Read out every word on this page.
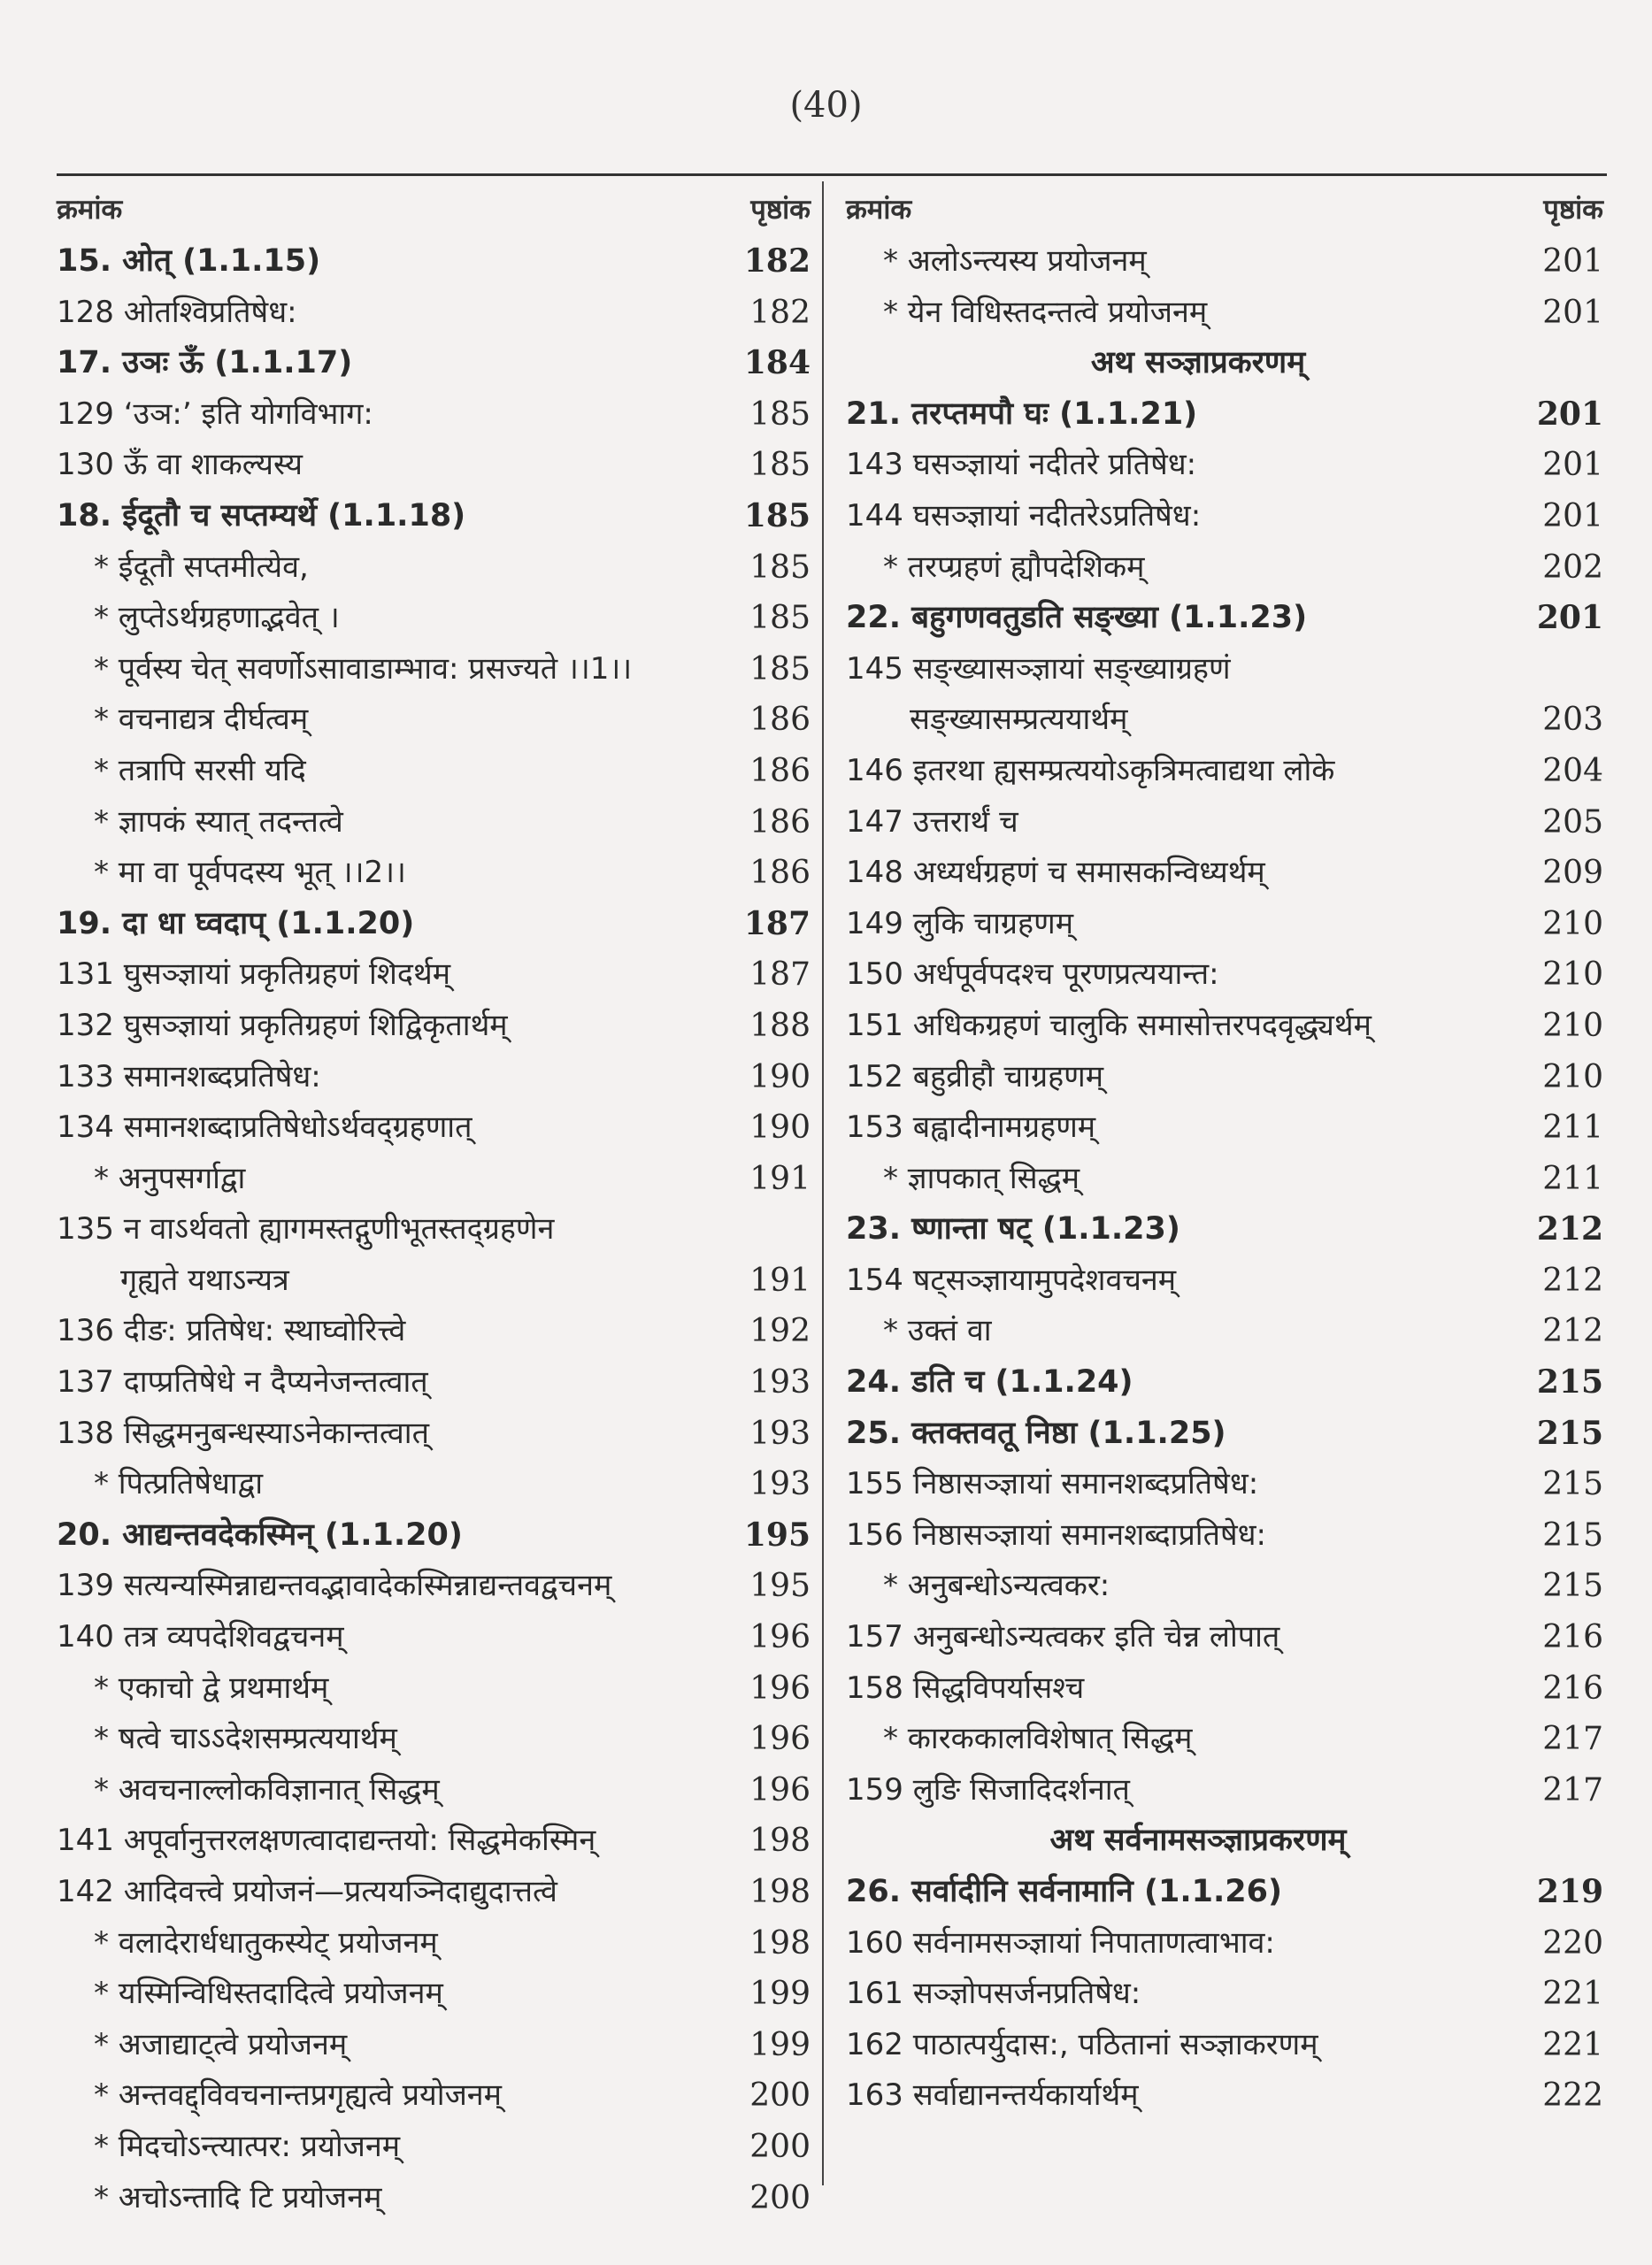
(40)
क्रमांक	पृष्ठांक
15. ओत् (1.1.15)	182
128 ओतश्विप्रतिषेध:	182
17. उञः ऊँ (1.1.17)	184
129 ‘उञ:’ इति योगविभाग:	185
130 ऊँ वा शाकल्यस्य	185
18. ईदूतौ च सप्तम्यर्थे (1.1.18)	185
* ईदूतौ सप्तमीत्येव,	185
* लुप्तेऽर्थग्रहणाद्भवेत् ।	185
* पूर्वस्य चेत् सवर्णोऽसावाडाम्भाव: प्रसज्यते ।।1।।	185
* वचनाद्यत्र दीर्घत्वम्	186
* तत्रापि सरसी यदि	186
* ज्ञापकं स्यात् तदन्तत्वे	186
* मा वा पूर्वपदस्य भूत् ।।2।।	186
19. दा धा घ्वदाप् (1.1.20)	187
131 घुसञ्ज्ञायां प्रकृतिग्रहणं शिदर्थम्	187
132 घुसञ्ज्ञायां प्रकृतिग्रहणं शिद्विकृतार्थम्	188
133 समानशब्दप्रतिषेध:	190
134 समानशब्दाप्रतिषेधोऽर्थवद्ग्रहणात्	190
* अनुपसर्गाद्वा	191
135 न वाऽर्थवतो ह्यागमस्तद्गुणीभूतस्तद्ग्रहणेन
गृह्यते यथाऽन्यत्र	191
136 दीङ: प्रतिषेध: स्थाघ्वोरित्त्वे	192
137 दाप्प्रतिषेधे न दैप्यनेजन्तत्वात्	193
138 सिद्धमनुबन्धस्याऽनेकान्तत्वात्	193
* पित्प्रतिषेधाद्वा	193
20. आद्यन्तवदेकस्मिन् (1.1.20)	195
139 सत्यन्यस्मिन्नाद्यन्तवद्भावादेकस्मिन्नाद्यन्तवद्वचनम्	195
140 तत्र व्यपदेशिवद्वचनम्	196
* एकाचो द्वे प्रथमार्थम्	196
* षत्वे चाऽऽदेशसम्प्रत्ययार्थम्	196
* अवचनाल्लोकविज्ञानात् सिद्धम्	196
141 अपूर्वानुत्तरलक्षणत्वादाद्यन्तयो: सिद्धमेकस्मिन्	198
142 आदिवत्त्वे प्रयोजनं—प्रत्ययञ्निदाद्युदात्तत्वे	198
* वलादेरार्धधातुकस्येट् प्रयोजनम्	198
* यस्मिन्विधिस्तदादित्वे प्रयोजनम्	199
* अजाद्याट्त्वे प्रयोजनम्	199
* अन्तवद्द्विवचनान्तप्रगृह्यत्वे प्रयोजनम्	200
* मिदचोऽन्त्यात्पर: प्रयोजनम्	200
* अचोऽन्तादि टि प्रयोजनम्	200
क्रमांक	पृष्ठांक
* अलोऽन्त्यस्य प्रयोजनम्	201
* येन विधिस्तदन्तत्वे प्रयोजनम्	201
अथ सञ्ज्ञाप्रकरणम्
21. तरप्तमपौ घः (1.1.21)	201
143 घसञ्ज्ञायां नदीतरे प्रतिषेध:	201
144 घसञ्ज्ञायां नदीतरेऽप्रतिषेध:	201
* तरप्ग्रहणं ह्यौपदेशिकम्	202
22. बहुगणवतुडति सङ्ख्या (1.1.23)	201
145 सङ्ख्यासञ्ज्ञायां सङ्ख्याग्रहणं
सङ्ख्यासम्प्रत्ययार्थम्	203
146 इतरथा ह्यसम्प्रत्ययोऽकृत्रिमत्वाद्यथा लोके	204
147 उत्तरार्थं च	205
148 अध्यर्धग्रहणं च समासकन्विध्यर्थम्	209
149 लुकि चाग्रहणम्	210
150 अर्धपूर्वपदश्च पूरणप्रत्ययान्त:	210
151 अधिकग्रहणं चालुकि समासोत्तरपदवृद्ध्यर्थम्	210
152 बहुव्रीहौ चाग्रहणम्	210
153 बह्वादीनामग्रहणम्	211
* ज्ञापकात् सिद्धम्	211
23. ष्णान्ता षट् (1.1.23)	212
154 षट्सञ्ज्ञायामुपदेशवचनम्	212
* उक्तं वा	212
24. डति च (1.1.24)	215
25. क्तक्तवतू निष्ठा (1.1.25)	215
155 निष्ठासञ्ज्ञायां समानशब्दप्रतिषेध:	215
156 निष्ठासञ्ज्ञायां समानशब्दाप्रतिषेध:	215
* अनुबन्धोऽन्यत्वकर:	215
157 अनुबन्धोऽन्यत्वकर इति चेन्न लोपात्	216
158 सिद्धविपर्यासश्च	216
* कारककालविशेषात् सिद्धम्	217
159 लुङि सिजादिदर्शनात्	217
अथ सर्वनामसञ्ज्ञाप्रकरणम्
26. सर्वादीनि सर्वनामानि (1.1.26)	219
160 सर्वनामसञ्ज्ञायां निपाताणत्वाभाव:	220
161 सञ्ज्ञोपसर्जनप्रतिषेध:	221
162 पाठात्पर्युदास:, पठितानां सञ्ज्ञाकरणम्	221
163 सर्वाद्यानन्तर्यकार्यार्थम्	222
